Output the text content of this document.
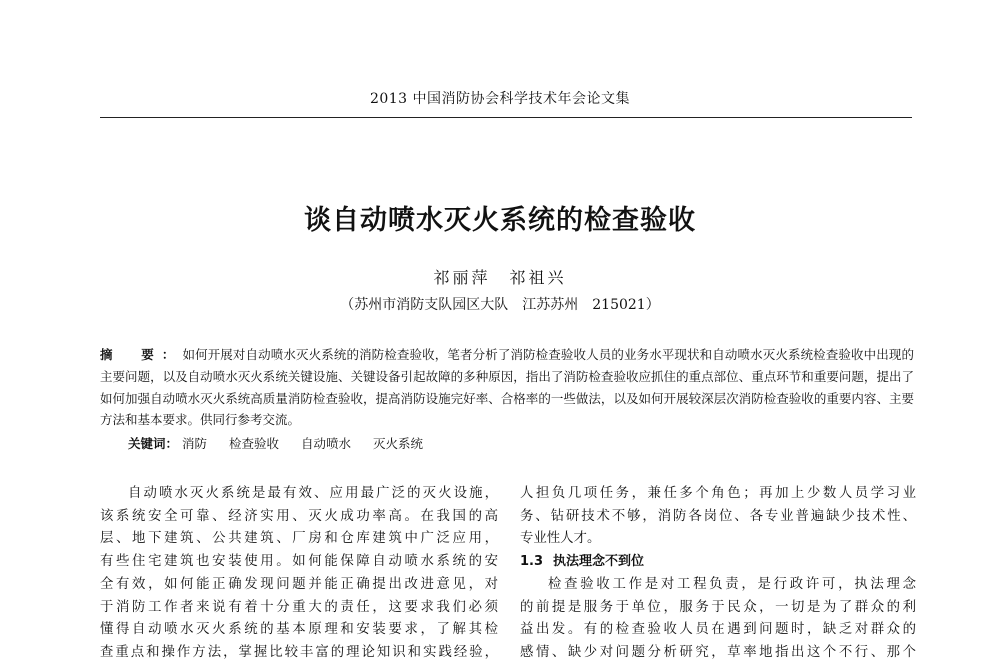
2013 中国消防协会科学技术年会论文集
谈自动喷水灭火系统的检查验收
祁丽萍　祁祖兴
（苏州市消防支队园区大队　江苏苏州　215021）
摘　要：如何开展对自动喷水灭火系统的消防检查验收，笔者分析了消防检查验收人员的业务水平现状和自动喷水灭火系统检查验收中出现的主要问题，以及自动喷水灭火系统关键设施、关键设备引起故障的多种原因，指出了消防检查验收应抓住的重点部位、重点环节和重要问题，提出了如何加强自动喷水灭火系统高质量消防检查验收，提高消防设施完好率、合格率的一些做法，以及如何开展较深层次消防检查验收的重要内容、主要方法和基本要求。供同行参考交流。
关键词： 消防 检查验收 自动喷水 灭火系统
自动喷水灭火系统是最有效、应用最广泛的灭火设施，
该系统安全可靠、经济实用、灭火成功率高。在我国的高
层、地下建筑、公共建筑、厂房和仓库建筑中广泛应用，
有些住宅建筑也安装使用。如何能保障自动喷水系统的安
全有效，如何能正确发现问题并能正确提出改进意见，对
于消防工作者来说有着十分重大的责任，这要求我们必须
懂得自动喷水灭火系统的基本原理和安装要求，了解其检
查重点和操作方法，掌握比较丰富的理论知识和实践经验，
人担负几项任务，兼任多个角色；再加上少数人员学习业
务、钻研技术不够，消防各岗位、各专业普遍缺少技术性、
专业性人才。
1.3 执法理念不到位
检查验收工作是对工程负责，是行政许可，执法理念
的前提是服务于单位，服务于民众，一切是为了群众的利
益出发。有的检查验收人员在遇到问题时，缺乏对群众的
感情、缺少对问题分析研究，草率地指出这个不行、那个
